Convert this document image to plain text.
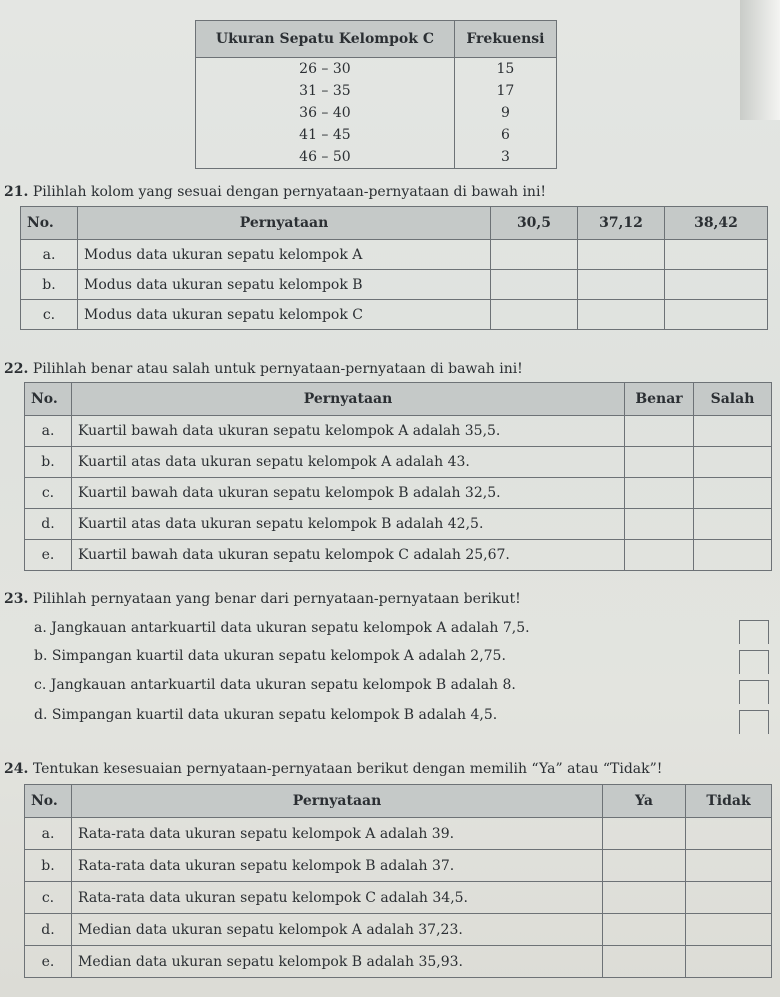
Ukuran Sepatu Kelompok C	Frekuensi
26 – 30	15
31 – 35	17
36 – 40	9
41 – 45	6
46 – 50	3
21. Pilihlah kolom yang sesuai dengan pernyataan-pernyataan di bawah ini!
No.	Pernyataan	30,5	37,12	38,42
a.	Modus data ukuran sepatu kelompok A			
b.	Modus data ukuran sepatu kelompok B			
c.	Modus data ukuran sepatu kelompok C			
22. Pilihlah benar atau salah untuk pernyataan-pernyataan di bawah ini!
No.	Pernyataan	Benar	Salah
a.	Kuartil bawah data ukuran sepatu kelompok A adalah 35,5.		
b.	Kuartil atas data ukuran sepatu kelompok A adalah 43.		
c.	Kuartil bawah data ukuran sepatu kelompok B adalah 32,5.		
d.	Kuartil atas data ukuran sepatu kelompok B adalah 42,5.		
e.	Kuartil bawah data ukuran sepatu kelompok C adalah 25,67.		
23. Pilihlah pernyataan yang benar dari pernyataan-pernyataan berikut!
a. Jangkauan antarkuartil data ukuran sepatu kelompok A adalah 7,5.
b. Simpangan kuartil data ukuran sepatu kelompok A adalah 2,75.
c. Jangkauan antarkuartil data ukuran sepatu kelompok B adalah 8.
d. Simpangan kuartil data ukuran sepatu kelompok B adalah 4,5.
24. Tentukan kesesuaian pernyataan-pernyataan berikut dengan memilih “Ya” atau “Tidak”!
No.	Pernyataan	Ya	Tidak
a.	Rata-rata data ukuran sepatu kelompok A adalah 39.		
b.	Rata-rata data ukuran sepatu kelompok B adalah 37.		
c.	Rata-rata data ukuran sepatu kelompok C adalah 34,5.		
d.	Median data ukuran sepatu kelompok A adalah 37,23.		
e.	Median data ukuran sepatu kelompok B adalah 35,93.		
